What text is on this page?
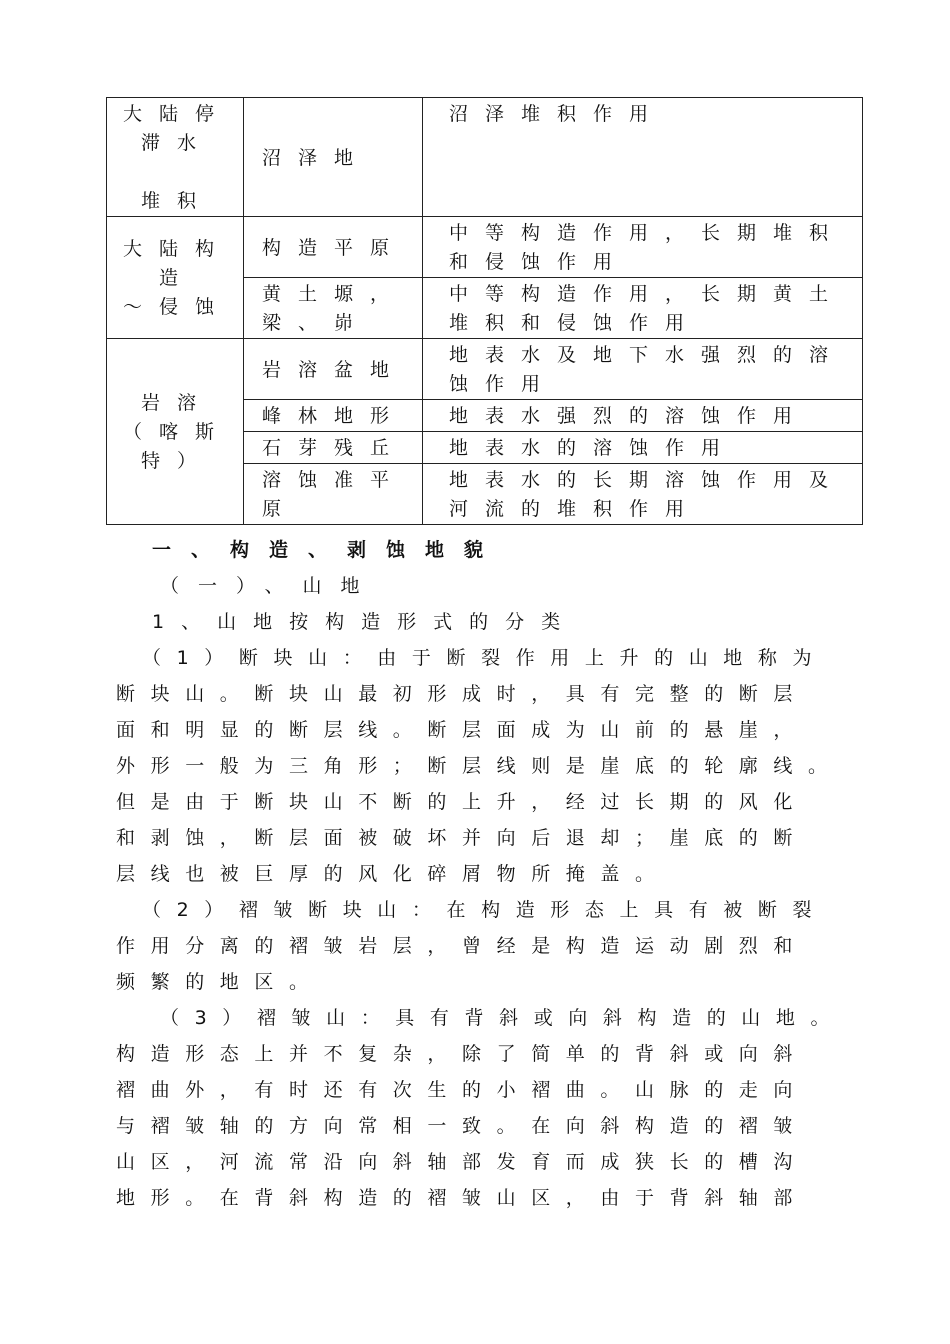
大陆停
滞水

堆积	沼泽地	沼泽堆积作用
大陆构
造
～侵蚀	构造平原	中等构造作用，长期堆积和侵蚀作用
	黄土塬，梁、峁	中等构造作用，长期黄土堆积和侵蚀作用
岩溶
（喀斯
特）	岩溶盆地	地表水及地下水强烈的溶蚀作用
	峰林地形	地表水强烈的溶蚀作用
	石芽残丘	地表水的溶蚀作用
	溶蚀准平原	地表水的长期溶蚀作用及河流的堆积作用
一、构造、剥蚀地貌
（一）、山地
1、山地按构造形式的分类
（1）断块山：由于断裂作用上升的山地称为
断块山。断块山最初形成时，具有完整的断层
面和明显的断层线。断层面成为山前的悬崖，
外形一般为三角形；断层线则是崖底的轮廓线。
但是由于断块山不断的上升，经过长期的风化
和剥蚀，断层面被破坏并向后退却；崖底的断
层线也被巨厚的风化碎屑物所掩盖。
（2）褶皱断块山：在构造形态上具有被断裂
作用分离的褶皱岩层，曾经是构造运动剧烈和
频繁的地区。
（3）褶皱山：具有背斜或向斜构造的山地。
构造形态上并不复杂，除了简单的背斜或向斜
褶曲外，有时还有次生的小褶曲。山脉的走向
与褶皱轴的方向常相一致。在向斜构造的褶皱
山区，河流常沿向斜轴部发育而成狭长的槽沟
地形。在背斜构造的褶皱山区，由于背斜轴部
